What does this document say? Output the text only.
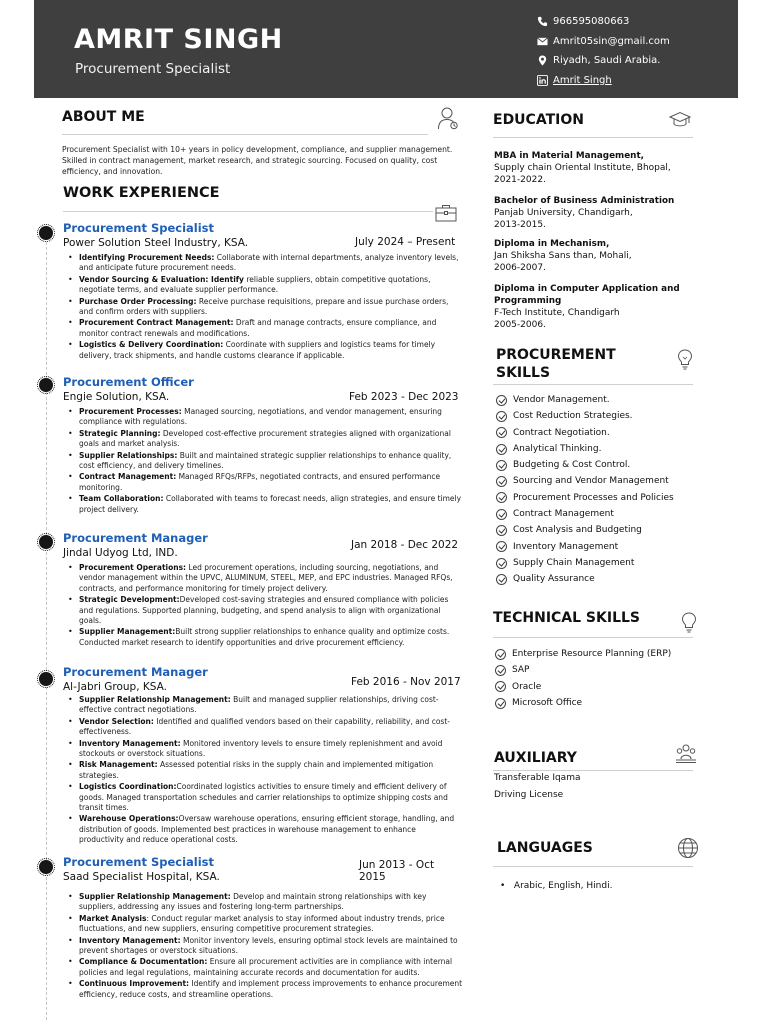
AMRIT SINGH
Procurement Specialist
966595080663
Amrit05sin@gmail.com
Riyadh, Saudi Arabia.
Amrit Singh
ABOUT ME
Procurement Specialist with 10+ years in policy development, compliance, and supplier management. Skilled in contract management, market research, and strategic sourcing. Focused on quality, cost efficiency, and innovation.
WORK EXPERIENCE
Procurement Specialist
Power Solution Steel Industry, KSA.	July 2024 – Present
• Identifying Procurement Needs: Collaborate with internal departments, analyze inventory levels, and anticipate future procurement needs.
• Vendor Sourcing & Evaluation: Identify reliable suppliers, obtain competitive quotations, negotiate terms, and evaluate supplier performance.
• Purchase Order Processing: Receive purchase requisitions, prepare and issue purchase orders, and confirm orders with suppliers.
• Procurement Contract Management: Draft and manage contracts, ensure compliance, and monitor contract renewals and modifications.
• Logistics & Delivery Coordination: Coordinate with suppliers and logistics teams for timely delivery, track shipments, and handle customs clearance if applicable.
Procurement Officer
Engie Solution, KSA.	Feb 2023 - Dec 2023
• Procurement Processes: Managed sourcing, negotiations, and vendor management, ensuring compliance with regulations.
• Strategic Planning: Developed cost-effective procurement strategies aligned with organizational goals and market analysis.
• Supplier Relationships: Built and maintained strategic supplier relationships to enhance quality, cost efficiency, and delivery timelines.
• Contract Management: Managed RFQs/RFPs, negotiated contracts, and ensured performance monitoring.
• Team Collaboration: Collaborated with teams to forecast needs, align strategies, and ensure timely project delivery.
Procurement Manager
Jindal Udyog Ltd, IND.
Jan 2018 - Dec 2022
• Procurement Operations: Led procurement operations, including sourcing, negotiations, and vendor management within the UPVC, ALUMINUM, STEEL, MEP, and EPC industries. Managed RFQs, contracts, and performance monitoring for timely project delivery.
• Strategic Development:Developed cost-saving strategies and ensured compliance with policies and regulations. Supported planning, budgeting, and spend analysis to align with organizational goals.
• Supplier Management:Built strong supplier relationships to enhance quality and optimize costs. Conducted market research to identify opportunities and drive procurement efficiency.
Procurement Manager
Al-Jabri Group, KSA.	Feb 2016 - Nov 2017
• Supplier Relationship Management: Built and managed supplier relationships, driving cost-effective contract negotiations.
• Vendor Selection: Identified and qualified vendors based on their capability, reliability, and cost-effectiveness.
• Inventory Management: Monitored inventory levels to ensure timely replenishment and avoid stockouts or overstock situations.
• Risk Management: Assessed potential risks in the supply chain and implemented mitigation strategies.
• Logistics Coordination:Coordinated logistics activities to ensure timely and efficient delivery of goods. Managed transportation schedules and carrier relationships to optimize shipping costs and transit times.
• Warehouse Operations:Oversaw warehouse operations, ensuring efficient storage, handling, and distribution of goods. Implemented best practices in warehouse management to enhance productivity and reduce operational costs.
Procurement Specialist
Saad Specialist Hospital, KSA.
Jun 2013 - Oct 2015
• Supplier Relationship Management: Develop and maintain strong relationships with key suppliers, addressing any issues and fostering long-term partnerships.
• Market Analysis: Conduct regular market analysis to stay informed about industry trends, price fluctuations, and new suppliers, ensuring competitive procurement strategies.
• Inventory Management: Monitor inventory levels, ensuring optimal stock levels are maintained to prevent shortages or overstock situations.
• Compliance & Documentation: Ensure all procurement activities are in compliance with internal policies and legal regulations, maintaining accurate records and documentation for audits.
• Continuous Improvement: Identify and implement process improvements to enhance procurement efficiency, reduce costs, and streamline operations.
EDUCATION
MBA in Material Management,
Supply chain Oriental Institute, Bhopal,
2021-2022.
Bachelor of Business Administration
Panjab University, Chandigarh,
2013-2015.
Diploma in Mechanism,
Jan Shiksha Sans than, Mohali,
2006-2007.
Diploma in Computer Application and Programming
F-Tech Institute, Chandigarh
2005-2006.
PROCUREMENT
SKILLS
Vendor Management.
Cost Reduction Strategies.
Contract Negotiation.
Analytical Thinking.
Budgeting & Cost Control.
Sourcing and Vendor Management
Procurement Processes and Policies
Contract Management
Cost Analysis and Budgeting
Inventory Management
Supply Chain Management
Quality Assurance
TECHNICAL SKILLS
Enterprise Resource Planning (ERP)
SAP
Oracle
Microsoft Office
AUXILIARY
Transferable Iqama
Driving License
LANGUAGES
•   Arabic, English, Hindi.
